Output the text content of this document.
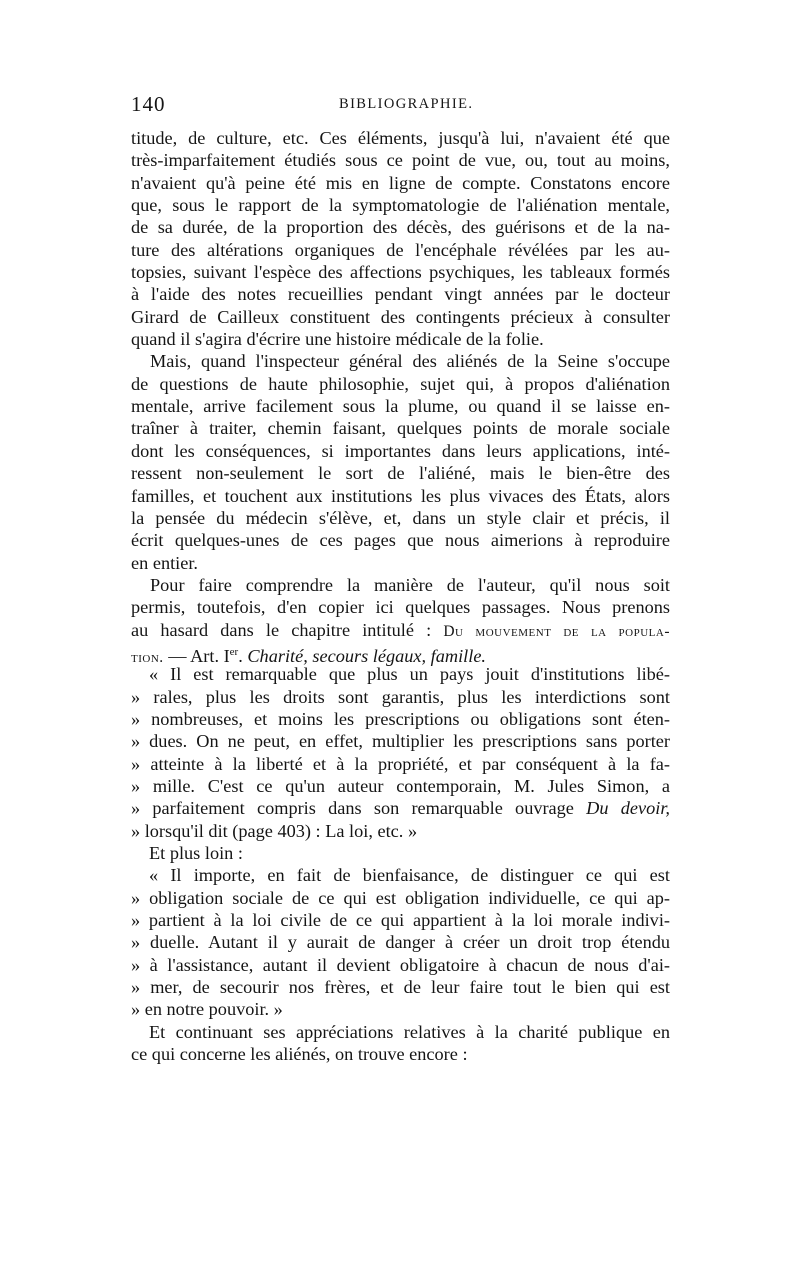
140	BIBLIOGRAPHIE.
titude, de culture, etc. Ces éléments, jusqu'à lui, n'avaient été que
très-imparfaitement étudiés sous ce point de vue, ou, tout au moins,
n'avaient qu'à peine été mis en ligne de compte. Constatons encore
que, sous le rapport de la symptomatologie de l'aliénation mentale,
de sa durée, de la proportion des décès, des guérisons et de la na-
ture des altérations organiques de l'encéphale révélées par les au-
topsies, suivant l'espèce des affections psychiques, les tableaux formés
à l'aide des notes recueillies pendant vingt années par le docteur
Girard de Cailleux constituent des contingents précieux à consulter
quand il s'agira d'écrire une histoire médicale de la folie.
Mais, quand l'inspecteur général des aliénés de la Seine s'occupe
de questions de haute philosophie, sujet qui, à propos d'aliénation
mentale, arrive facilement sous la plume, ou quand il se laisse en-
traîner à traiter, chemin faisant, quelques points de morale sociale
dont les conséquences, si importantes dans leurs applications, inté-
ressent non-seulement le sort de l'aliéné, mais le bien-être des
familles, et touchent aux institutions les plus vivaces des États, alors
la pensée du médecin s'élève, et, dans un style clair et précis, il
écrit quelques-unes de ces pages que nous aimerions à reproduire
en entier.
Pour faire comprendre la manière de l'auteur, qu'il nous soit
permis, toutefois, d'en copier ici quelques passages. Nous prenons
au hasard dans le chapitre intitulé : Du mouvement de la popula-
tion. — Art. Ier. Charité, secours légaux, famille.
« Il est remarquable que plus un pays jouit d'institutions libé-
» rales, plus les droits sont garantis, plus les interdictions sont
» nombreuses, et moins les prescriptions ou obligations sont éten-
» dues. On ne peut, en effet, multiplier les prescriptions sans porter
» atteinte à la liberté et à la propriété, et par conséquent à la fa-
» mille. C'est ce qu'un auteur contemporain, M. Jules Simon, a
» parfaitement compris dans son remarquable ouvrage Du devoir,
» lorsqu'il dit (page 403) : La loi, etc. »
Et plus loin :
« Il importe, en fait de bienfaisance, de distinguer ce qui est
» obligation sociale de ce qui est obligation individuelle, ce qui ap-
» partient à la loi civile de ce qui appartient à la loi morale indivi-
» duelle. Autant il y aurait de danger à créer un droit trop étendu
» à l'assistance, autant il devient obligatoire à chacun de nous d'ai-
» mer, de secourir nos frères, et de leur faire tout le bien qui est
» en notre pouvoir. »
Et continuant ses appréciations relatives à la charité publique en
ce qui concerne les aliénés, on trouve encore :
